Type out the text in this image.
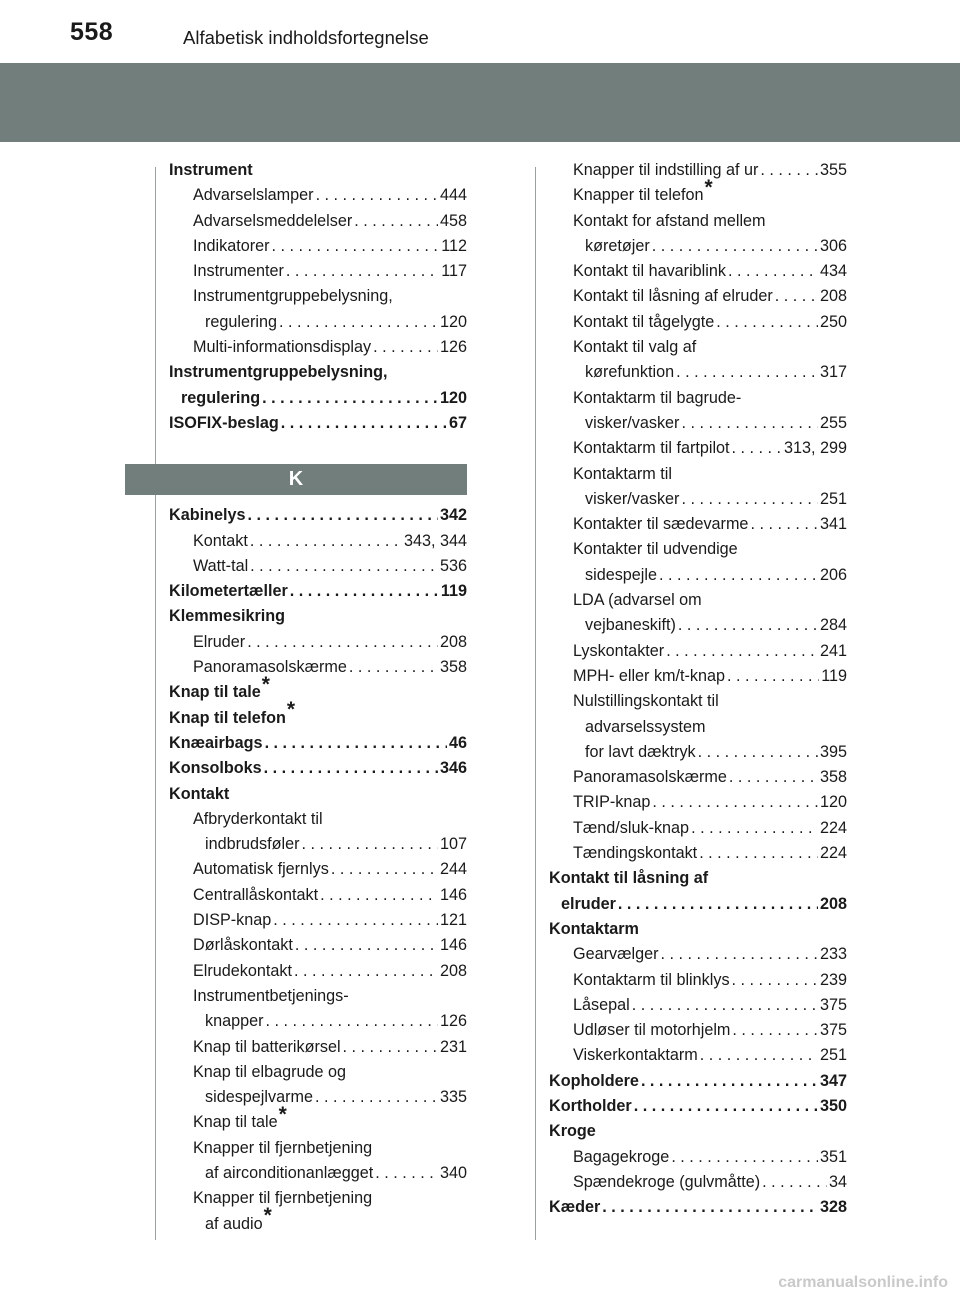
558	Alfabetisk indholdsfortegnelse
Instrument
Advarselslamper . . .	444
Advarselsmeddelelser . . .	458
Indikatorer . . .	112
Instrumenter . . .	117
Instrumentgruppebelysning,
regulering . . .	120
Multi-informationsdisplay . . .	126
Instrumentgruppebelysning,
regulering . . .	120
ISOFIX-beslag . . .	67
K
Kabinelys . . .	342
Kontakt . . .	343, 344
Watt-tal . . .	536
Kilometertæller . . .	119
Klemmesikring
Elruder . . .	208
Panoramasolskærme . . .	358
Knap til tale*
Knap til telefon*
Knæairbags . . .	46
Konsolboks . . .	346
Kontakt
Afbryderkontakt til
indbrudsføler . . .	107
Automatisk fjernlys . . .	244
Centrallåskontakt . . .	146
DISP-knap . . .	121
Dørlåskontakt . . .	146
Elrudekontakt . . .	208
Instrumentbetjenings-
knapper . . .	126
Knap til batterikørsel . . .	231
Knap til elbagrude og
sidespejlvarme . . .	335
Knap til tale*
Knapper til fjernbetjening
af airconditionanlægget . . .	340
Knapper til fjernbetjening
af audio*
Knapper til indstilling af ur . . .	355
Knapper til telefon*
Kontakt for afstand mellem
køretøjer . . .	306
Kontakt til havariblink . . .	434
Kontakt til låsning af elruder . . .	208
Kontakt til tågelygte . . .	250
Kontakt til valg af
kørefunktion . . .	317
Kontaktarm til bagrude-
visker/vasker . . .	255
Kontaktarm til fartpilot . . .	313, 299
Kontaktarm til
visker/vasker . . .	251
Kontakter til sædevarme . . .	341
Kontakter til udvendige
sidespejle . . .	206
LDA (advarsel om
vejbaneskift) . . .	284
Lyskontakter . . .	241
MPH- eller km/t-knap . . .	119
Nulstillingskontakt til
advarselssystem
for lavt dæktryk . . .	395
Panoramasolskærme . . .	358
TRIP-knap . . .	120
Tænd/sluk-knap . . .	224
Tændingskontakt . . .	224
Kontakt til låsning af
elruder . . .	208
Kontaktarm
Gearvælger . . .	233
Kontaktarm til blinklys . . .	239
Låsepal . . .	375
Udløser til motorhjelm . . .	375
Viskerkontaktarm . . .	251
Kopholdere . . .	347
Kortholder . . .	350
Kroge
Bagagekroge . . .	351
Spændekroge (gulvmåtte) . . .	34
Kæder . . .	328
carmanualsonline.info
